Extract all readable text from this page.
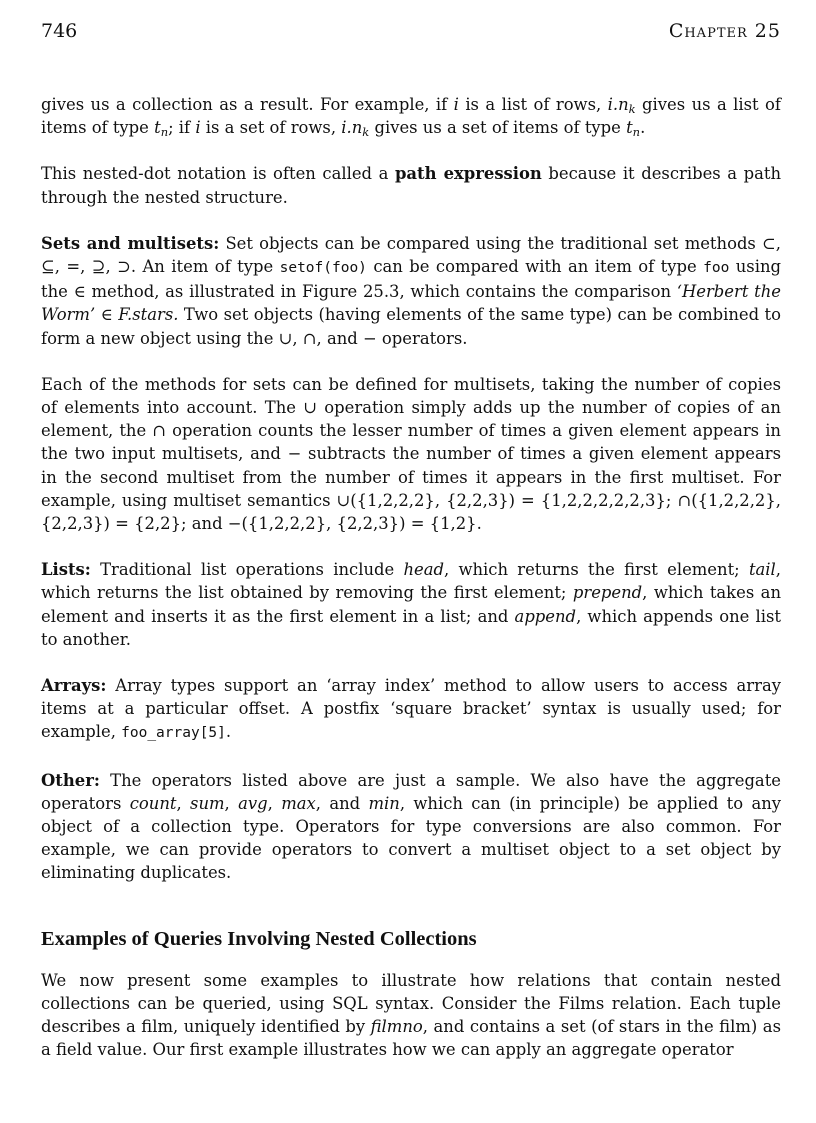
746	Chapter 25

gives us a collection as a result. For example, if i is a list of rows, $i.n_k$ gives us a list of items of type $t_n$; if i is a set of rows, $i.n_k$ gives us a set of items of type $t_n$.

This nested-dot notation is often called a path expression because it describes a path through the nested structure.

Sets and multisets: Set objects can be compared using the traditional set methods ⊂, ⊆, =, ⊇, ⊃. An item of type setof(foo) can be compared with an item of type foo using the ∈ method, as illustrated in Figure 25.3, which contains the comparison ‘Herbert the Worm’ ∈ F.stars. Two set objects (having elements of the same type) can be combined to form a new object using the ∪, ∩, and − operators.

Each of the methods for sets can be defined for multisets, taking the number of copies of elements into account. The ∪ operation simply adds up the number of copies of an element, the ∩ operation counts the lesser number of times a given element appears in the two input multisets, and − subtracts the number of times a given element appears in the second multiset from the number of times it appears in the first multiset. For example, using multiset semantics ∪({1,2,2,2}, {2,2,3}) = {1,2,2,2,2,2,3}; ∩({1,2,2,2}, {2,2,3}) = {2,2}; and −({1,2,2,2}, {2,2,3}) = {1,2}.

Lists: Traditional list operations include head, which returns the first element; tail, which returns the list obtained by removing the first element; prepend, which takes an element and inserts it as the first element in a list; and append, which appends one list to another.

Arrays: Array types support an ‘array index’ method to allow users to access array items at a particular offset. A postfix ‘square bracket’ syntax is usually used; for example, foo_array[5].

Other: The operators listed above are just a sample. We also have the aggregate operators count, sum, avg, max, and min, which can (in principle) be applied to any object of a collection type. Operators for type conversions are also common. For example, we can provide operators to convert a multiset object to a set object by eliminating duplicates.

Examples of Queries Involving Nested Collections

We now present some examples to illustrate how relations that contain nested collections can be queried, using SQL syntax. Consider the Films relation. Each tuple describes a film, uniquely identified by filmno, and contains a set (of stars in the film) as a field value. Our first example illustrates how we can apply an aggregate operator
